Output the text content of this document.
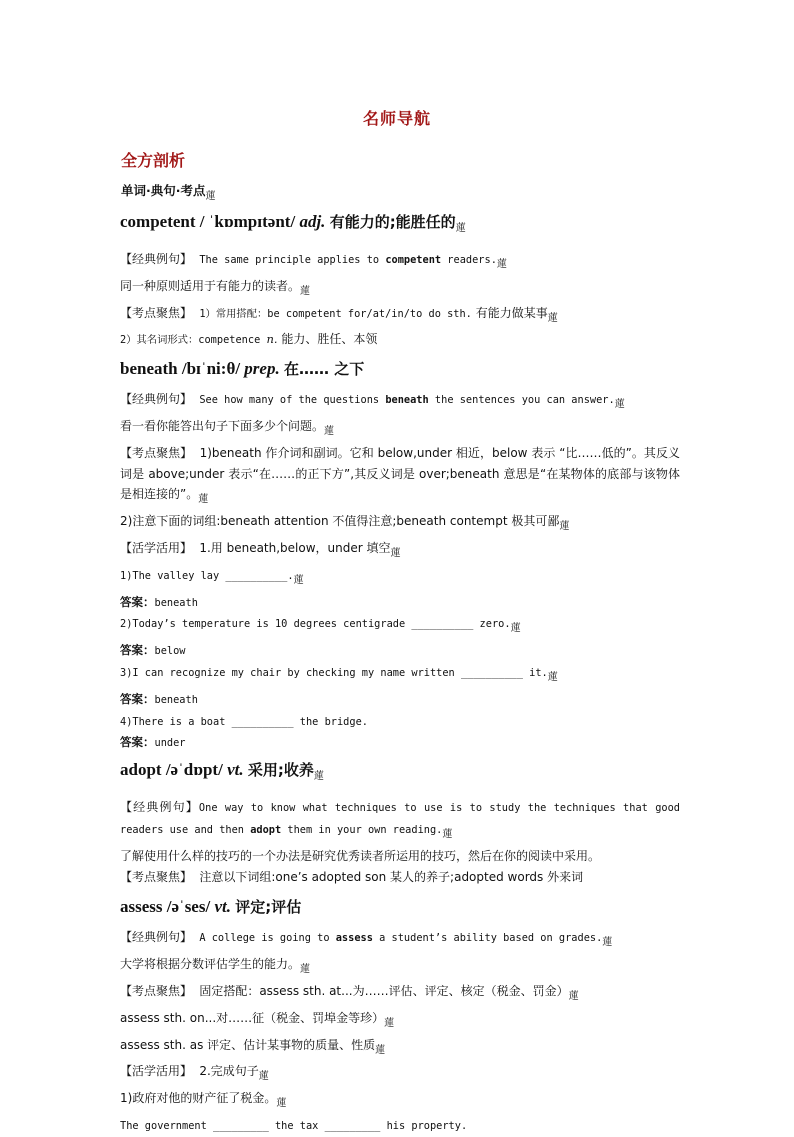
名师导航
全方剖析
单词·典句·考点$_蓮$
competent / ˈkɒmpɪtənt/ adj. 有能力的;能胜任的$_蓮$
【经典例句】 The same principle applies to competent readers.蓮
同一种原则适用于有能力的读者。蓮
【考点聚焦】 1）常用搭配：be competent for/at/in/to do sth. 有能力做某事蓮
2）其名词形式：competence n. 能力、胜任、本领
beneath /bɪˈni:θ/ prep. 在…… 之下
【经典例句】 See how many of the questions beneath the sentences you can answer.蓮
看一看你能答出句子下面多少个问题。蓮
【考点聚焦】 1)beneath 作介词和副词。它和 below,under 相近，below 表示 “比……低的”。其反义词是 above;under 表示“在……的正下方”,其反义词是 over;beneath 意思是“在某物体的底部与该物体是相连接的”。蓮
2)注意下面的词组:beneath attention 不值得注意;beneath contempt 极其可鄙蓮
【活学活用】 1.用 beneath,below，under 填空蓮
1)The valley lay __________.蓮
答案：beneath
2)Today’s temperature is 10 degrees centigrade __________ zero.蓮
答案：below
3)I can recognize my chair by checking my name written __________ it.蓮
答案：beneath
4)There is a boat __________ the bridge.
答案：under
adopt /əˈdɒpt/ vt. 采用;收养$_蓮$
【经典例句】One way to know what techniques to use is to study the techniques that good readers use and then adopt them in your own reading.蓮
了解使用什么样的技巧的一个办法是研究优秀读者所运用的技巧，然后在你的阅读中采用。
【考点聚焦】 注意以下词组:one’s adopted son 某人的养子;adopted words 外来词
assess /əˈses/ vt. 评定;评估
【经典例句】 A college is going to assess a student’s ability based on grades.蓮
大学将根据分数评估学生的能力。蓮
【考点聚焦】 固定搭配：assess sth. at...为……评估、评定、核定（税金、罚金）蓮
assess sth. on...对……征（税金、罚埠金等珍）蓮
assess sth. as 评定、估计某事物的质量、性质蓮
【活学活用】 2.完成句子蓮
1)政府对他的财产征了税金。蓮
The government _________ the tax _________ his property.
